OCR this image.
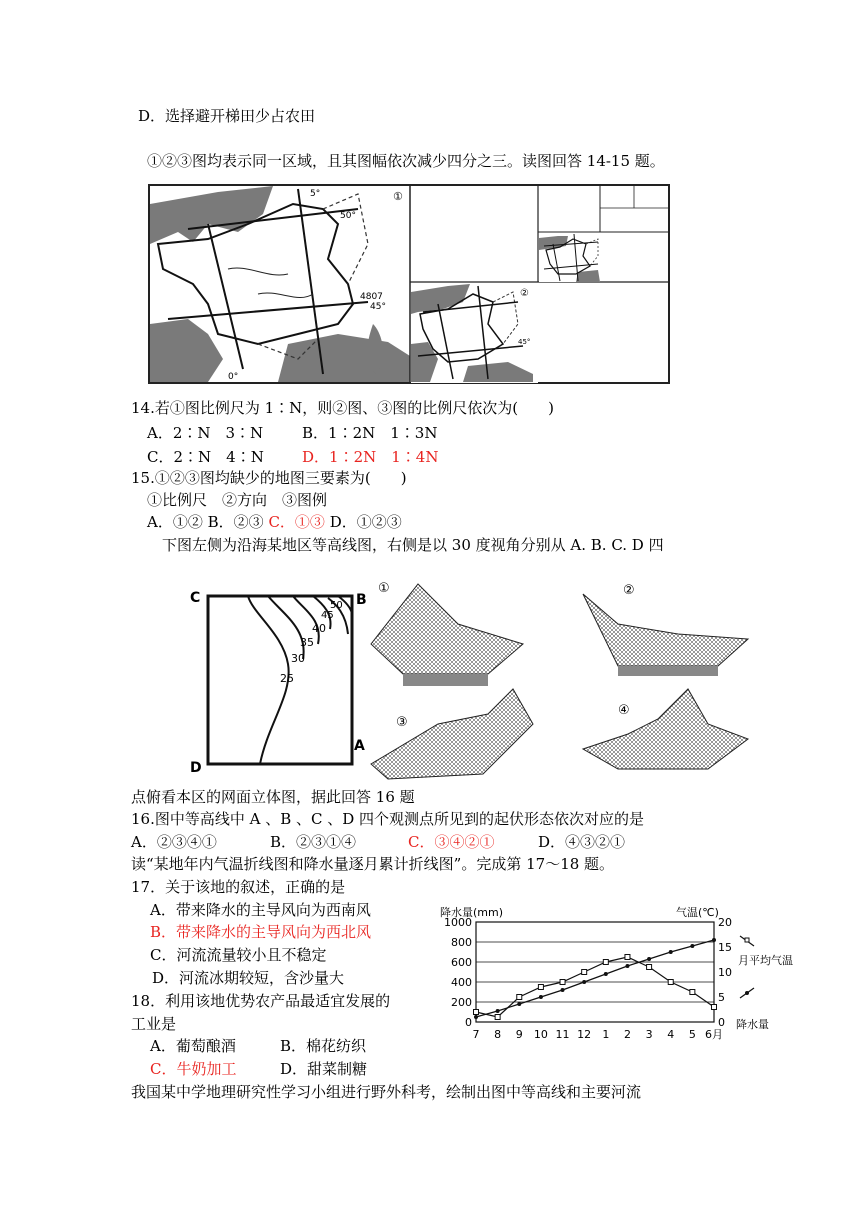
D．选择避开梯田少占农田
①②③图均表示同一区域，且其图幅依次减少四分之三。读图回答 14-15 题。
①
5°
50°
4807
45°
0°
②
45°
14.若①图比例尺为 1∶N，则②图、③图的比例尺依次为(　　)
A．2∶N　3∶N	B．1∶2N　1∶3N
C．2∶N　4∶N	D．1∶2N　1∶4N
15.①②③图均缺少的地图三要素为(　　)
①比例尺　②方向　③图例
A．①② B．②③ C．①③ D．①②③
下图左侧为沿海某地区等高线图，右侧是以 30 度视角分别从 A. B. C. D 四
C	B
D
A
25
30
35
40
45
50
①	②
③
④
点俯看本区的网面立体图，据此回答 16 题
16.图中等高线中 A 、B 、C 、D 四个观测点所见到的起伏形态依次对应的是
A．②③④①	B．②③①④	C．③④②①	D．④③②①
读“某地年内气温折线图和降水量逐月累计折线图”。完成第 17～18 题。
17．关于该地的叙述，正确的是
A．带来降水的主导风向为西南风
B．带来降水的主导风向为西北风
C．河流流量较小且不稳定
D．河流冰期较短，含沙量大
18．利用该地优势农产品最适宜发展的
工业是
A．葡萄酿酒	B．棉花纺织
C．牛奶加工	D．甜菜制糖
我国某中学地理研究性学习小组进行野外科考，绘制出图中等高线和主要河流
降水量(mm)	气温(℃)
0
200
400
600
800
1000
0
5
10
15
20
7 8 9 10 11 12 1 2 3 4 5 6月
月平均气温
降水量
